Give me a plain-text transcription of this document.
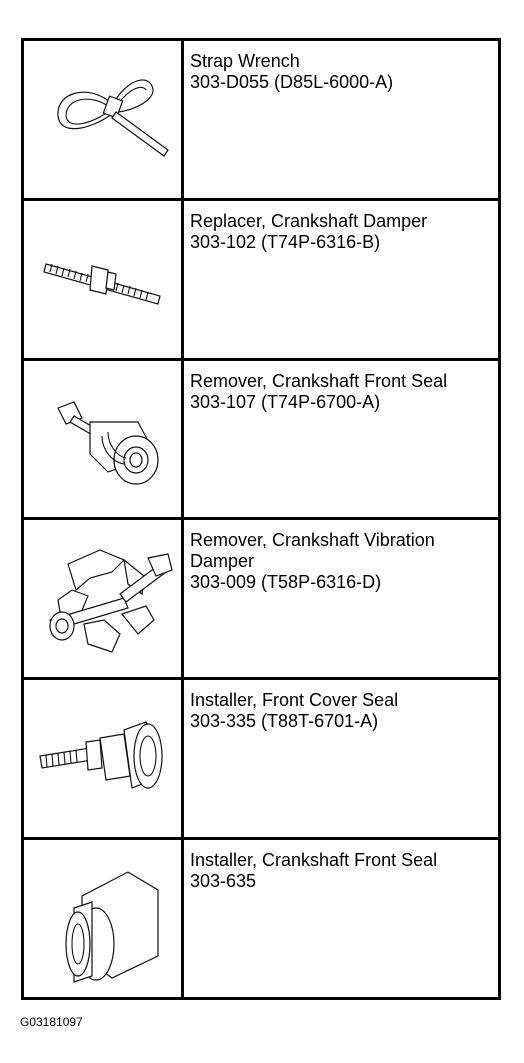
Strap Wrench
303-D055 (D85L-6000-A)
Replacer, Crankshaft Damper
303-102 (T74P-6316-B)
Remover, Crankshaft Front Seal
303-107 (T74P-6700-A)
Remover, Crankshaft Vibration Damper
303-009 (T58P-6316-D)
Installer, Front Cover Seal
303-335 (T88T-6701-A)
Installer, Crankshaft Front Seal
303-635
G03181097
